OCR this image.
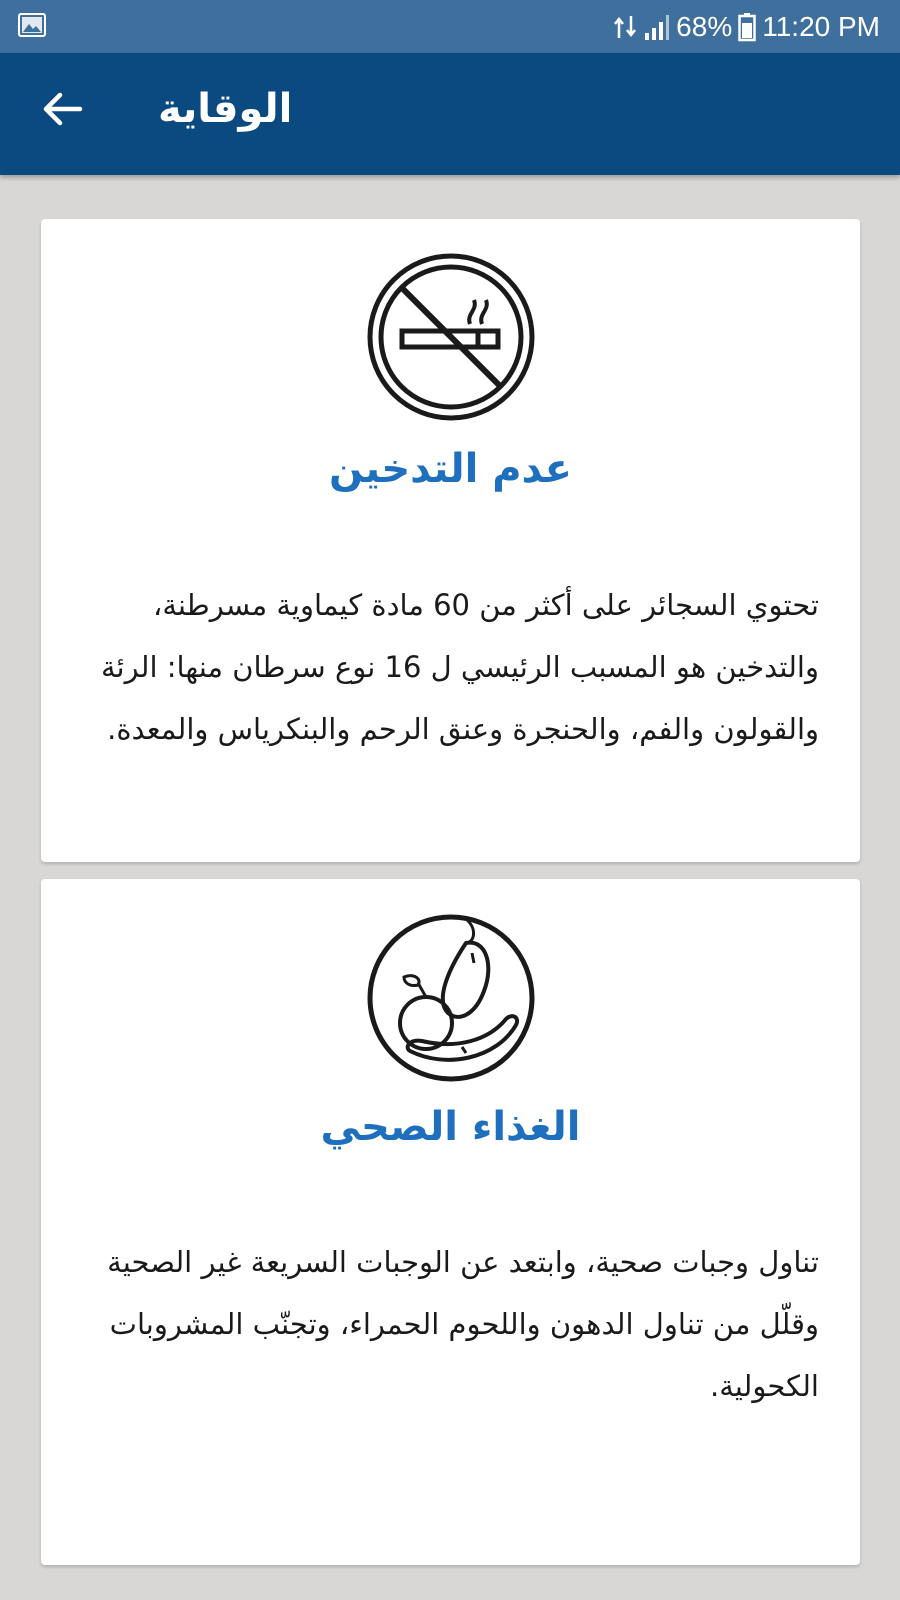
68% 11:20 PM
الوقاية
عدم التدخين
تحتوي السجائر على أكثر من 60 مادة كيماوية مسرطنة، والتدخين هو المسبب الرئيسي ل 16 نوع سرطان منها: الرئة والقولون والفم، والحنجرة وعنق الرحم والبنكرياس والمعدة.
الغذاء الصحي
تناول وجبات صحية، وابتعد عن الوجبات السريعة غير الصحية وقلّل من تناول الدهون واللحوم الحمراء، وتجنّب المشروبات الكحولية.
